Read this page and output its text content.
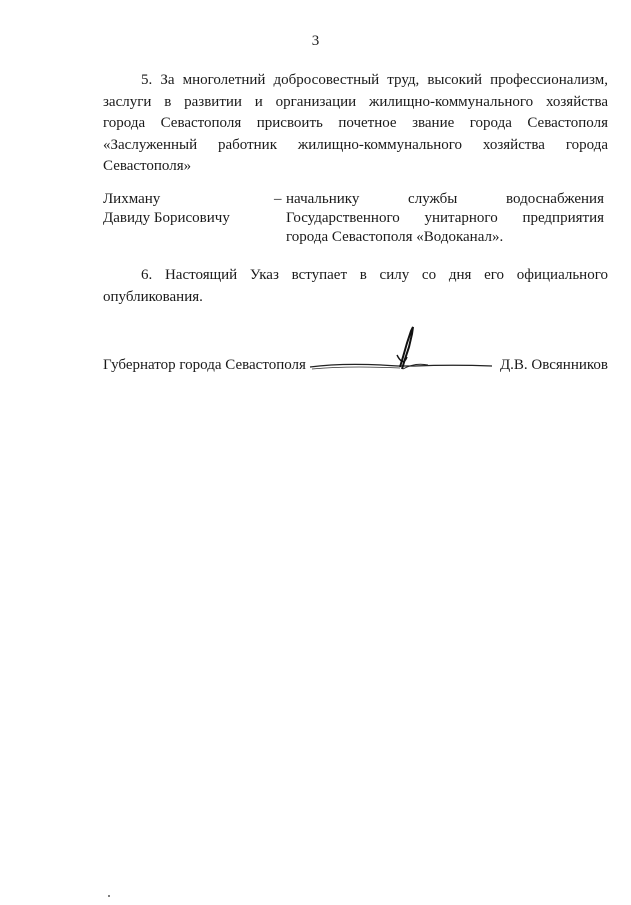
3
5. За многолетний добросовестный труд, высокий профессионализм,
заслуги в развитии и организации жилищно-коммунального хозяйства
города Севастополя присвоить почетное звание города Севастополя
«Заслуженный работник жилищно-коммунального хозяйства города
Севастополя»
Лихману
Давиду Борисовичу
– начальнику службы водоснабжения
Государственного унитарного предприятия
города Севастополя «Водоканал».
6. Настоящий Указ вступает в силу со дня его официального
опубликования.
Губернатор города Севастополя	Д.В. Овсянников
